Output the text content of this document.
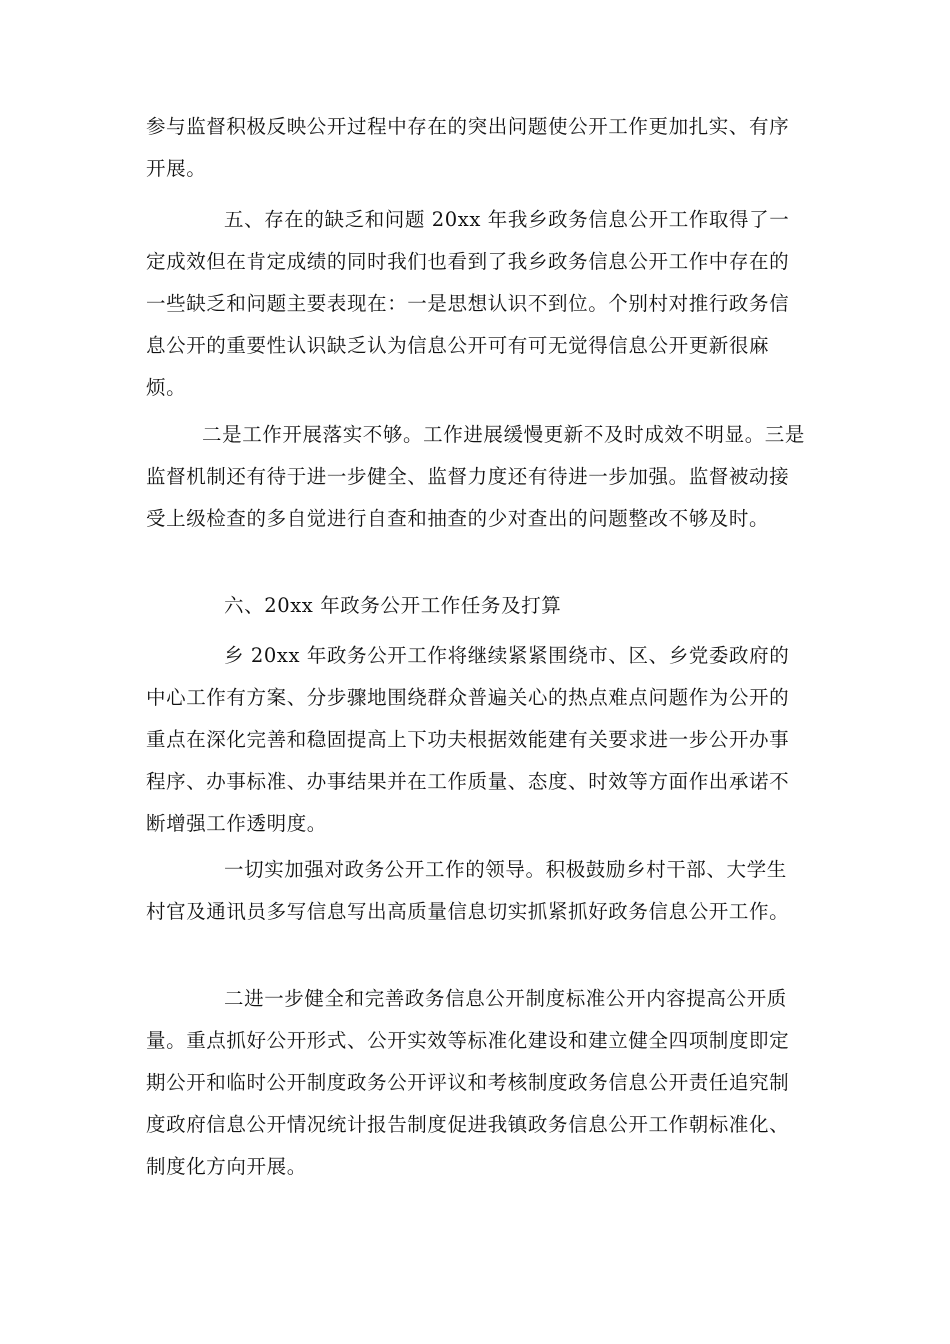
参与监督积极反映公开过程中存在的突出问题使公开工作更加扎实、有序开展。

五、存在的缺乏和问题 20xx 年我乡政务信息公开工作取得了一定成效但在肯定成绩的同时我们也看到了我乡政务信息公开工作中存在的一些缺乏和问题主要表现在：一是思想认识不到位。个别村对推行政务信息公开的重要性认识缺乏认为信息公开可有可无觉得信息公开更新很麻烦。

二是工作开展落实不够。工作进展缓慢更新不及时成效不明显。三是监督机制还有待于进一步健全、监督力度还有待进一步加强。监督被动接受上级检查的多自觉进行自查和抽查的少对查出的问题整改不够及时。

六、20xx 年政务公开工作任务及打算

乡 20xx 年政务公开工作将继续紧紧围绕市、区、乡党委政府的中心工作有方案、分步骤地围绕群众普遍关心的热点难点问题作为公开的重点在深化完善和稳固提高上下功夫根据效能建有关要求进一步公开办事程序、办事标准、办事结果并在工作质量、态度、时效等方面作出承诺不断增强工作透明度。

一切实加强对政务公开工作的领导。积极鼓励乡村干部、大学生村官及通讯员多写信息写出高质量信息切实抓紧抓好政务信息公开工作。

二进一步健全和完善政务信息公开制度标准公开内容提高公开质量。重点抓好公开形式、公开实效等标准化建设和建立健全四项制度即定期公开和临时公开制度政务公开评议和考核制度政务信息公开责任追究制度政府信息公开情况统计报告制度促进我镇政务信息公开工作朝标准化、制度化方向开展。
